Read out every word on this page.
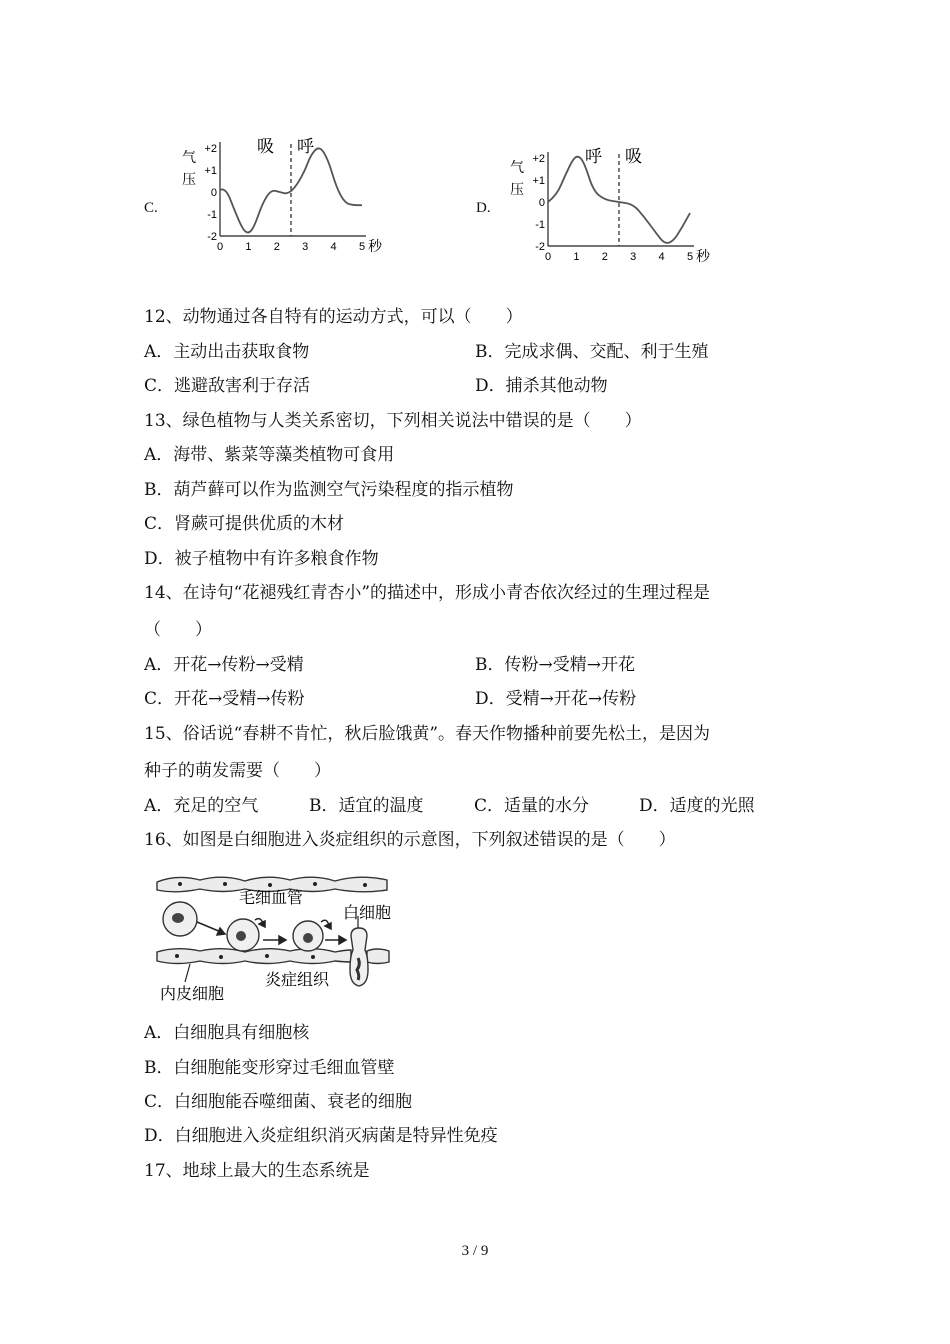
C.
气
压
+2
+1
0
-1
-2
0 1 2 3 4 5 秒
吸 呼
D.
气
压
+2
+1
0
-1
-2
0 1 2 3 4 5 秒
呼 吸
12、动物通过各自特有的运动方式，可以（　　）
A．主动出击获取食物	B．完成求偶、交配、利于生殖
C．逃避敌害利于存活	D．捕杀其他动物
13、绿色植物与人类关系密切，下列相关说法中错误的是（　　）
A．海带、紫菜等藻类植物可食用
B．葫芦藓可以作为监测空气污染程度的指示植物
C．肾蕨可提供优质的木材
D．被子植物中有许多粮食作物
14、在诗句“花褪残红青杏小”的描述中，形成小青杏依次经过的生理过程是
（　　）
A．开花→传粉→受精	B．传粉→受精→开花
C．开花→受精→传粉	D．受精→开花→传粉
15、俗话说“春耕不肯忙，秋后脸饿黄”。春天作物播种前要先松土，是因为
种子的萌发需要（　　）
A．充足的空气	B．适宜的温度	C．适量的水分	D．适度的光照
16、如图是白细胞进入炎症组织的示意图，下列叙述错误的是（　　）
毛细血管
白细胞
内皮细胞
炎症组织
A．白细胞具有细胞核
B．白细胞能变形穿过毛细血管壁
C．白细胞能吞噬细菌、衰老的细胞
D．白细胞进入炎症组织消灭病菌是特异性免疫
17、地球上最大的生态系统是
3 / 9
